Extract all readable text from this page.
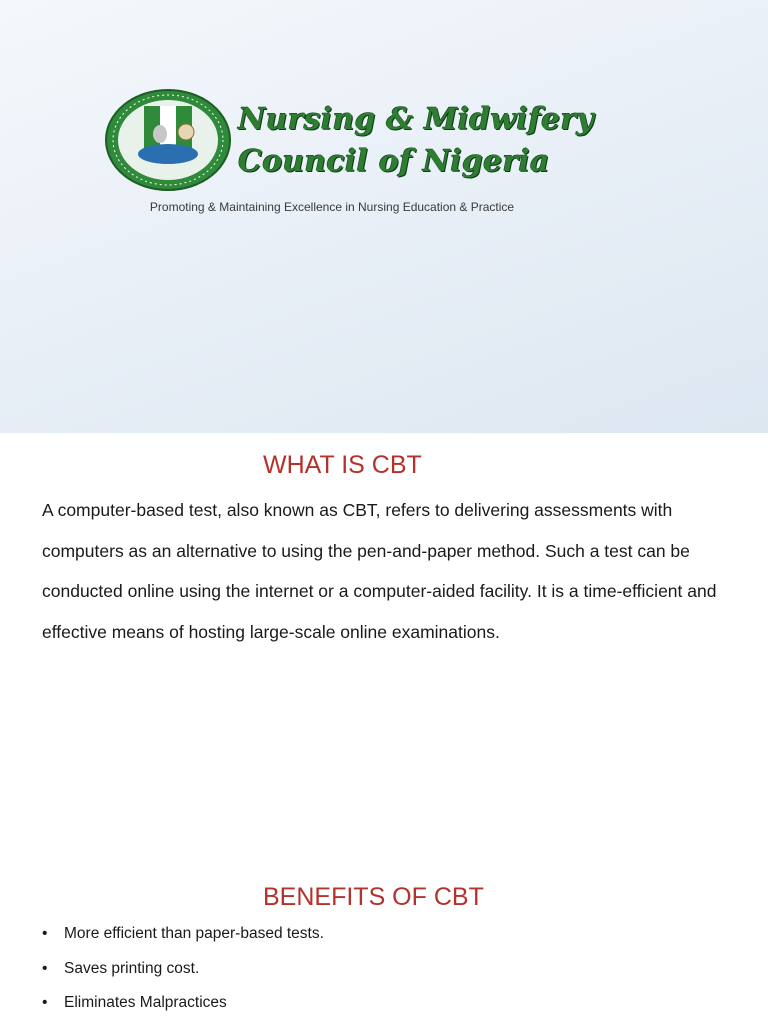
Nursing & Midwifery

Council of Nigeria

Promoting & Maintaining Excellence in Nursing Education & Practice

WHAT IS CBT

A computer-based test, also known as CBT, refers to delivering assessments with computers as an alternative to using the pen-and-paper method. Such a test can be conducted online using the internet or a computer-aided facility. It is a time-efficient and effective means of hosting large-scale online examinations.

BENEFITS OF CBT
•	More efficient than paper-based tests.
•	Saves printing cost.
•	Eliminates Malpractices
